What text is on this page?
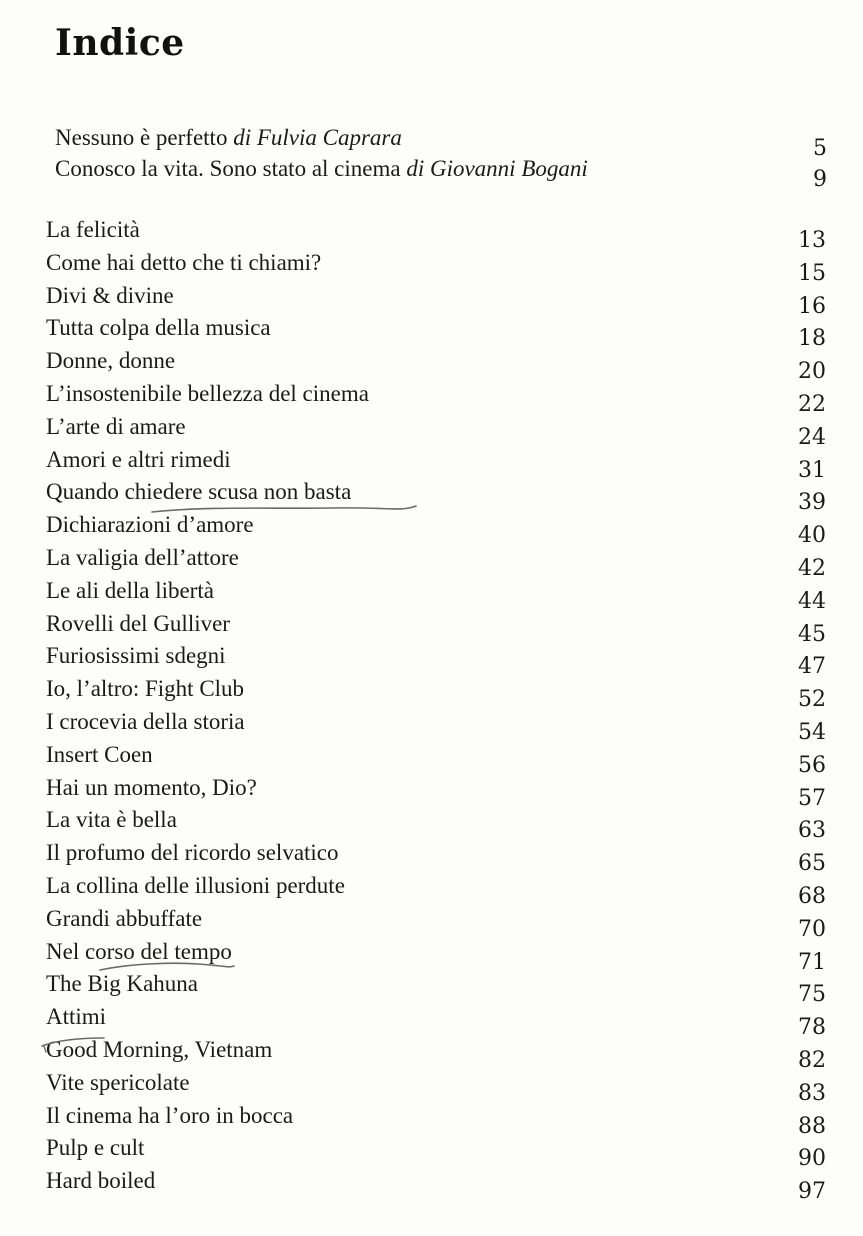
Indice
Nessuno è perfetto di Fulvia Caprara	5
Conosco la vita. Sono stato al cinema di Giovanni Bogani	9
La felicità	13
Come hai detto che ti chiami?	15
Divi & divine	16
Tutta colpa della musica	18
Donne, donne	20
L’insostenibile bellezza del cinema	22
L’arte di amare	24
Amori e altri rimedi	31
Quando chiedere scusa non basta	39
Dichiarazioni d’amore	40
La valigia dell’attore	42
Le ali della libertà	44
Rovelli del Gulliver	45
Furiosissimi sdegni	47
Io, l’altro: Fight Club	52
I crocevia della storia	54
Insert Coen	56
Hai un momento, Dio?	57
La vita è bella	63
Il profumo del ricordo selvatico	65
La collina delle illusioni perdute	68
Grandi abbuffate	70
Nel corso del tempo	71
The Big Kahuna	75
Attimi	78
Good Morning, Vietnam	82
Vite spericolate	83
Il cinema ha l’oro in bocca	88
Pulp e cult	90
Hard boiled	97
